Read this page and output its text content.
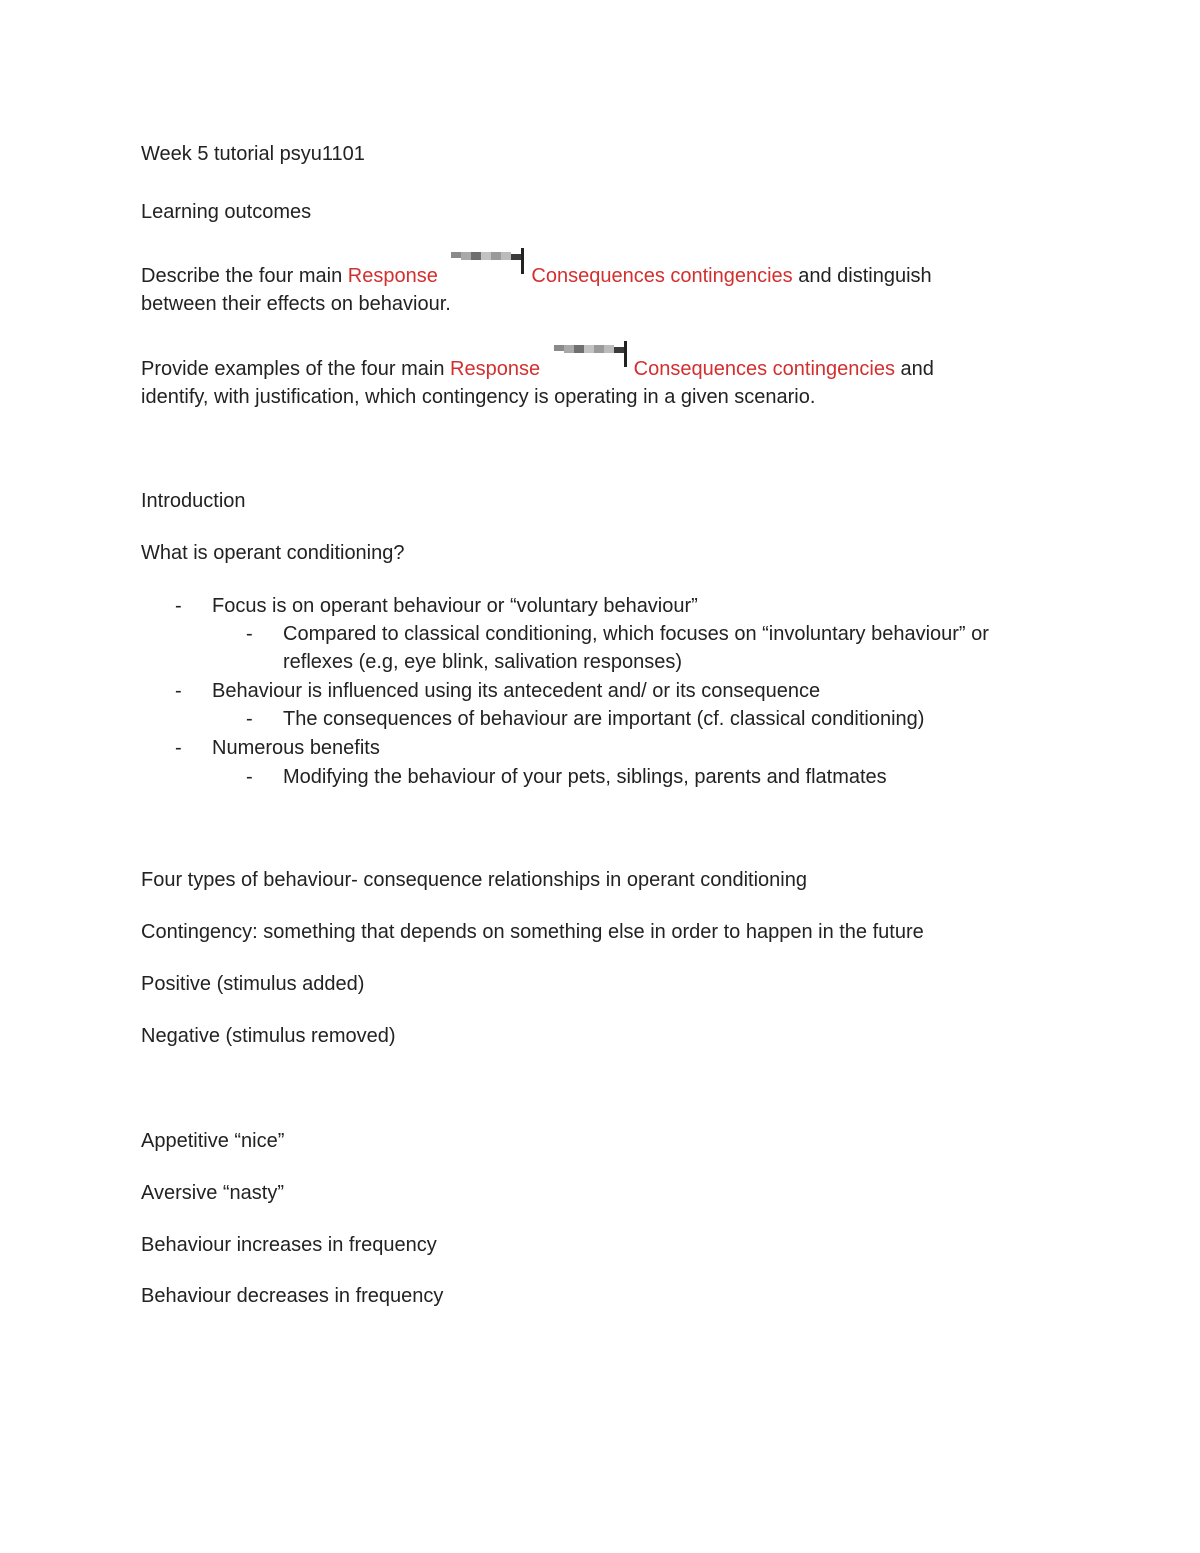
Week 5 tutorial psyu1101
Learning outcomes
Describe the four main Response	Consequences contingencies and distinguish
between their effects on behaviour.
Provide examples of the four main Response	Consequences contingencies and
identify, with justification, which contingency is operating in a given scenario.
Introduction
What is operant conditioning?
- Focus is on operant behaviour or “voluntary behaviour”
- Compared to classical conditioning, which focuses on “involuntary behaviour” or
reflexes (e.g, eye blink, salivation responses)
- Behaviour is influenced using its antecedent and/ or its consequence
- The consequences of behaviour are important (cf. classical conditioning)
- Numerous benefits
- Modifying the behaviour of your pets, siblings, parents and flatmates
Four types of behaviour- consequence relationships in operant conditioning
Contingency: something that depends on something else in order to happen in the future
Positive (stimulus added)
Negative (stimulus removed)
Appetitive “nice”
Aversive “nasty”
Behaviour increases in frequency
Behaviour decreases in frequency
